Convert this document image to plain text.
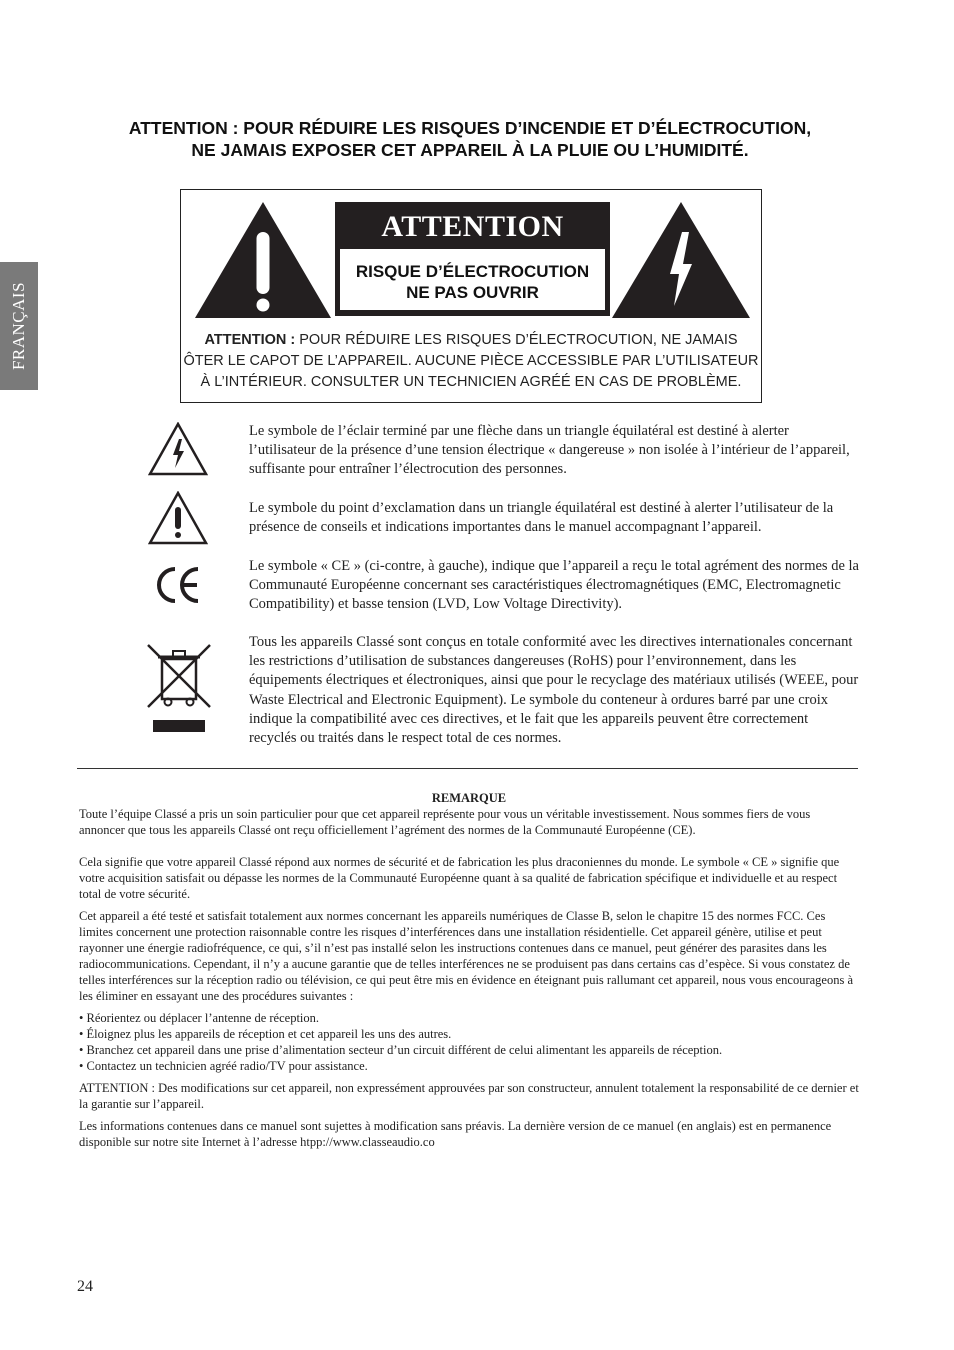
FRANÇAIS
ATTENTION : POUR RÉDUIRE LES RISQUES D’INCENDIE ET D’ÉLECTROCUTION,
NE JAMAIS EXPOSER CET APPAREIL À LA PLUIE OU L’HUMIDITÉ.
ATTENTION
RISQUE D’ÉLECTROCUTION
NE PAS OUVRIR
ATTENTION : POUR RÉDUIRE LES RISQUES D’ÉLECTROCUTION, NE JAMAIS
ÔTER LE CAPOT DE L’APPAREIL. AUCUNE PIÈCE ACCESSIBLE PAR L’UTILISATEUR
À L’INTÉRIEUR. CONSULTER UN TECHNICIEN AGRÉÉ EN CAS DE PROBLÈME.
Le symbole de l’éclair terminé par une flèche dans un triangle équilatéral est destiné à alerter l’utilisateur de la présence d’une tension électrique « dangereuse » non isolée à l’intérieur de l’appareil, suffisante pour entraîner l’électrocution des personnes.
Le symbole du point d’exclamation dans un triangle équilatéral est destiné à alerter l’utilisateur de la présence de conseils et indications importantes dans le manuel accompagnant l’appareil.
Le symbole « CE » (ci-contre, à gauche), indique que l’appareil a reçu le total agrément des normes de la Communauté Européenne concernant ses caractéristiques électromagnétiques (EMC, Electromagnetic Compatibility) et basse tension (LVD, Low Voltage Directivity).
Tous les appareils Classé sont conçus en totale conformité avec les directives internationales concernant les restrictions d’utilisation de substances dangereuses (RoHS) pour l’environnement, dans les équipements électriques et électroniques, ainsi que pour le recyclage des matériaux utilisés (WEEE, pour Waste Electrical and Electronic Equipment). Le symbole du conteneur à ordures barré par une croix indique la compatibilité avec ces directives, et le fait que les appareils peuvent être correctement recyclés ou traités dans le respect total de ces normes.
REMARQUE

Toute l’équipe Classé a pris un soin particulier pour que cet appareil représente pour vous un véritable investissement. Nous sommes fiers de vous annoncer que tous les appareils Classé ont reçu officiellement l’agrément des normes de la Communauté Européenne (CE).

Cela signifie que votre appareil Classé répond aux normes de sécurité et de fabrication les plus draconiennes du monde. Le symbole « CE » signifie que votre acquisition satisfait ou dépasse les normes de la Communauté Européenne quant à sa qualité de fabrication spécifique et individuelle et au respect total de votre sécurité.

Cet appareil a été testé et satisfait totalement aux normes concernant les appareils numériques de Classe B, selon le chapitre 15 des normes FCC. Ces limites concernent une protection raisonnable contre les risques d’interférences dans une installation résidentielle. Cet appareil génère, utilise et peut rayonner une énergie radiofréquence, ce qui, s’il n’est pas installé selon les instructions contenues dans ce manuel, peut générer des parasites dans les radiocommunications. Cependant, il n’y a aucune garantie que de telles interférences ne se produisent pas dans certains cas d’espèce. Si vous constatez de telles interférences sur la réception radio ou télévision, ce qui peut être mis en évidence en éteignant puis rallumant cet appareil, nous vous encourageons à les éliminer en essayant une des procédures suivantes :

• Réorientez ou déplacer l’antenne de réception.

• Éloignez plus les appareils de réception et cet appareil les uns des autres.

• Branchez cet appareil dans une prise d’alimentation secteur d’un circuit différent de celui alimentant les appareils de réception.

• Contactez un technicien agréé radio/TV pour assistance.

ATTENTION : Des modifications sur cet appareil, non expressément approuvées par son constructeur, annulent totalement la responsabilité de ce dernier et la garantie sur l’appareil.

Les informations contenues dans ce manuel sont sujettes à modification sans préavis. La dernière version de ce manuel (en anglais) est en permanence disponible sur notre site Internet à l’adresse htpp://www.classeaudio.co

24
